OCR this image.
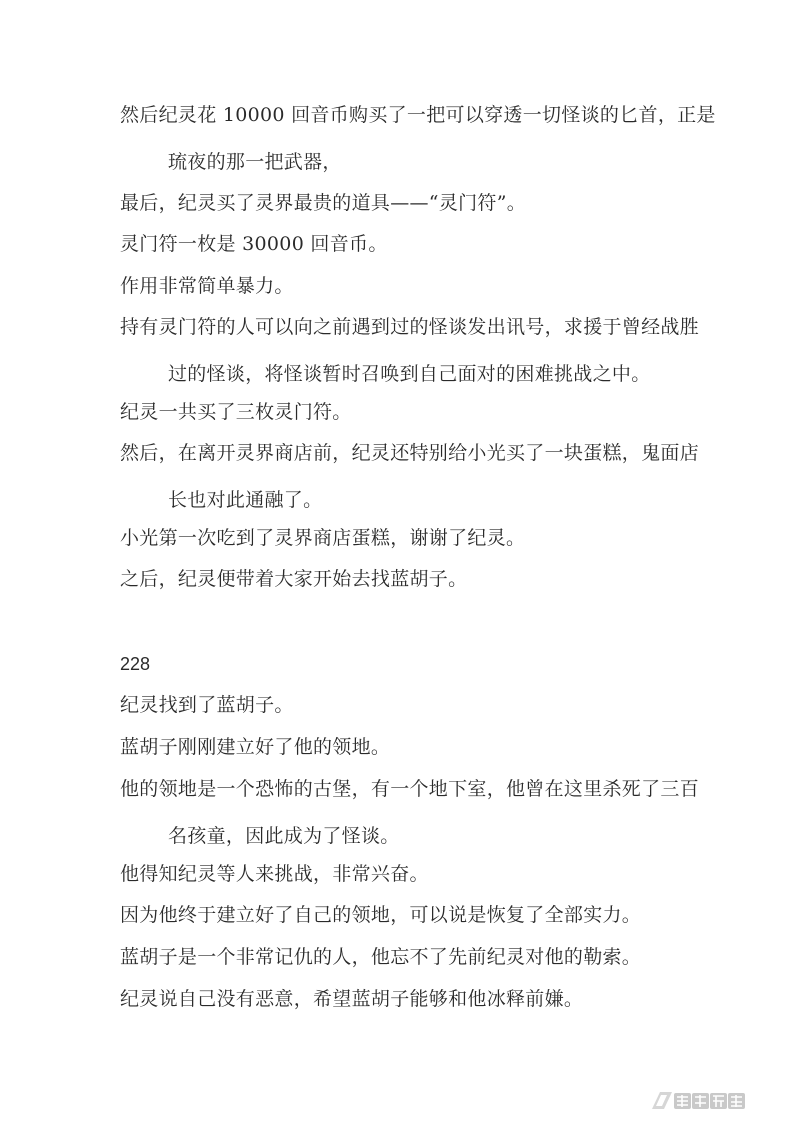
然后纪灵花 10000 回音币购买了一把可以穿透一切怪谈的匕首，正是
琉夜的那一把武器，

最后，纪灵买了灵界最贵的道具——“灵门符”。

灵门符一枚是 30000 回音币。

作用非常简单暴力。

持有灵门符的人可以向之前遇到过的怪谈发出讯号，求援于曾经战胜
过的怪谈，将怪谈暂时召唤到自己面对的困难挑战之中。

纪灵一共买了三枚灵门符。

然后，在离开灵界商店前，纪灵还特别给小光买了一块蛋糕，鬼面店
长也对此通融了。

小光第一次吃到了灵界商店蛋糕，谢谢了纪灵。

之后，纪灵便带着大家开始去找蓝胡子。

228

纪灵找到了蓝胡子。

蓝胡子刚刚建立好了他的领地。

他的领地是一个恐怖的古堡，有一个地下室，他曾在这里杀死了三百
名孩童，因此成为了怪谈。

他得知纪灵等人来挑战，非常兴奋。

因为他终于建立好了自己的领地，可以说是恢复了全部实力。

蓝胡子是一个非常记仇的人，他忘不了先前纪灵对他的勒索。

纪灵说自己没有恶意，希望蓝胡子能够和他冰释前嫌。
